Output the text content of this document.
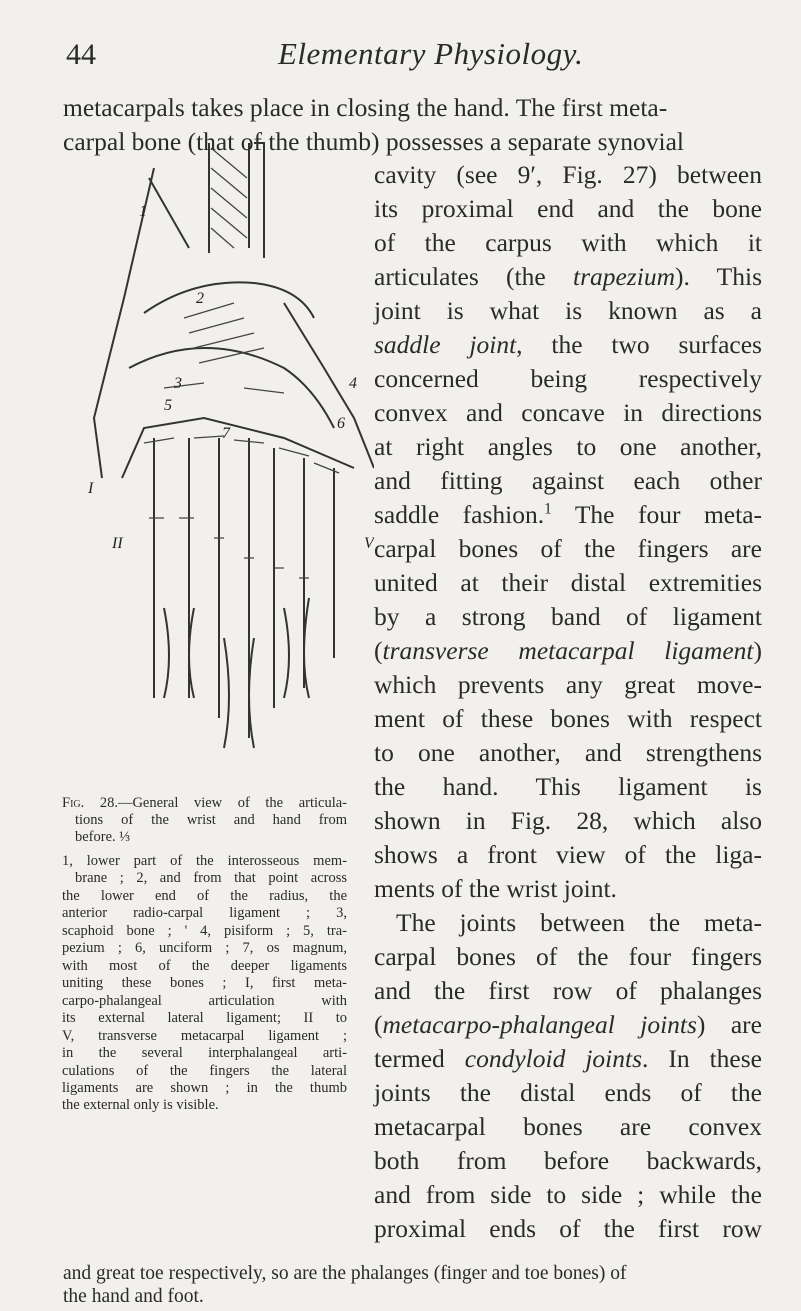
44	Elementary Physiology.
metacarpals takes place in closing the hand. The first meta-
carpal bone (that of the thumb) possesses a separate synovial
cavity (see 9′, Fig. 27) between
its proximal end and the bone
of the carpus with which it
articulates (the trapezium). This
joint is what is known as a
saddle joint, the two surfaces
concerned being respectively
convex and concave in directions
at right angles to one another,
and fitting against each other
saddle fashion.$^1$ The four meta-
carpal bones of the fingers are
united at their distal extremities
by a strong band of ligament
(transverse metacarpal ligament)
which prevents any great move-
ment of these bones with respect
to one another, and strengthens
the hand. This ligament is
shown in Fig. 28, which also
shows a front view of the liga-
ments of the wrist joint.
The joints between the meta-
carpal bones of the four fingers
and the first row of phalanges
(metacarpo-phalangeal joints) are
termed condyloid joints. In these
joints the distal ends of the
metacarpal bones are convex
both from before backwards,
and from side to side ; while the
proximal ends of the first row
and great toe respectively, so are the phalanges (finger and toe bones) of
the hand and foot.
1
2
3	4
5
6
7
I
II	V
Fig. 28.—General view of the articula-
tions of the wrist and hand from
before. ⅓
1, lower part of the interosseous mem-
brane ; 2, and from that point across
the lower end of the radius, the
anterior radio-carpal ligament ; 3,
scaphoid bone ; ' 4, pisiform ; 5, tra-
pezium ; 6, unciform ; 7, os magnum,
with most of the deeper ligaments
uniting these bones ; I, first meta-
carpo-phalangeal articulation with
its external lateral ligament; II to
V, transverse metacarpal ligament ;
in the several interphalangeal arti-
culations of the fingers the lateral
ligaments are shown ; in the thumb
the external only is visible.
